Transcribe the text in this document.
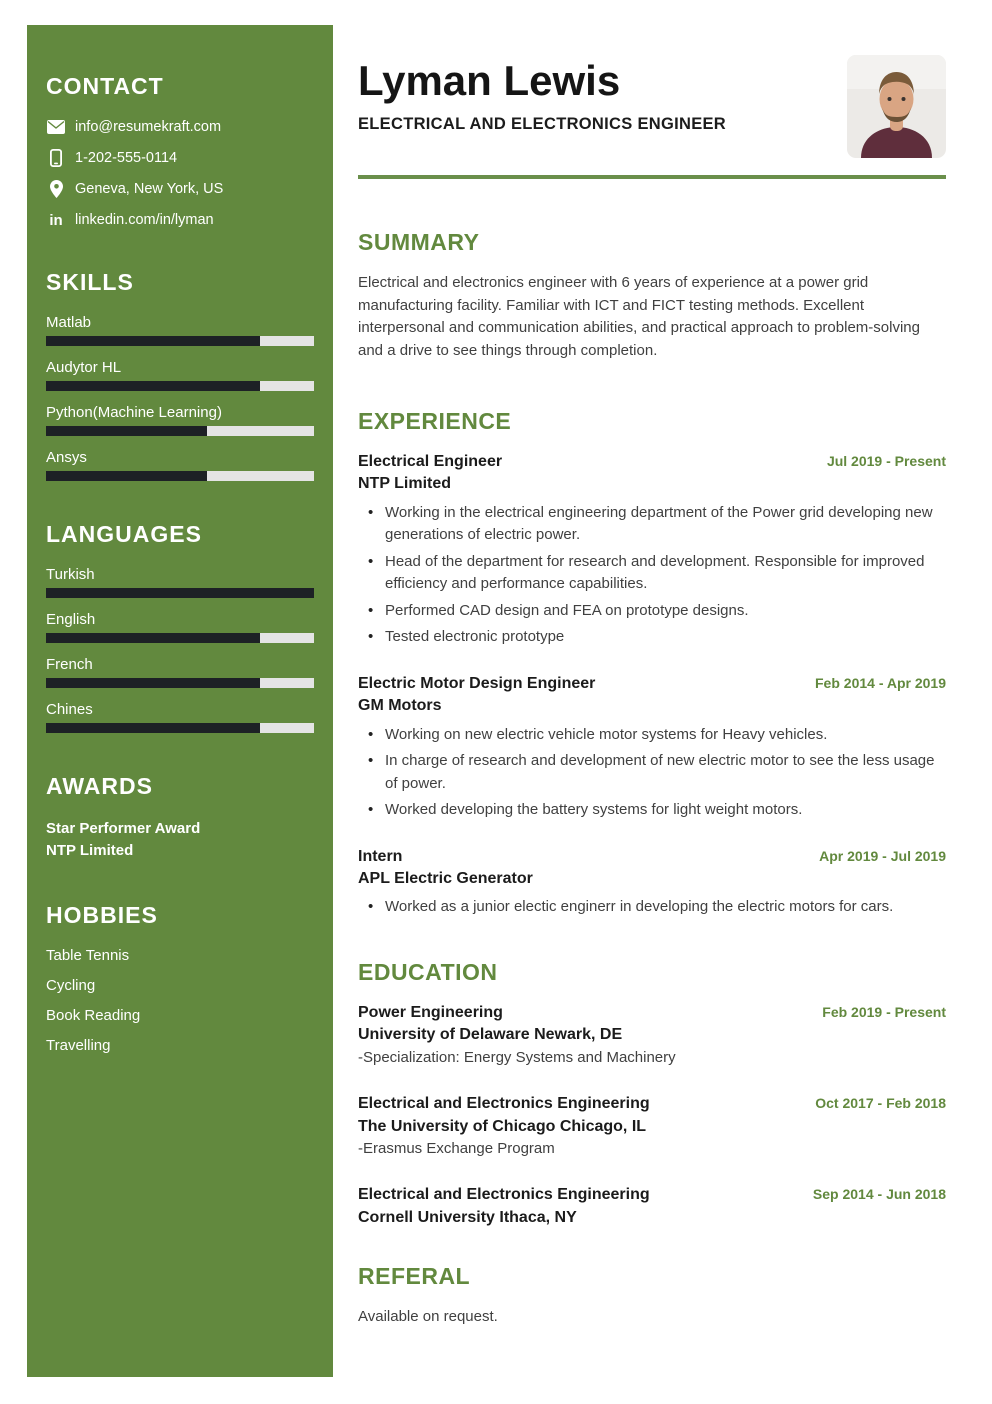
CONTACT
info@resumekraft.com
1-202-555-0114
Geneva, New York, US
in linkedin.com/in/lyman
SKILLS
Matlab
Audytor HL
Python(Machine Learning)
Ansys
LANGUAGES
Turkish
English
French
Chines
AWARDS
Star Performer Award
NTP Limited
HOBBIES
Table Tennis
Cycling
Book Reading
Travelling
Lyman Lewis
ELECTRICAL AND ELECTRONICS ENGINEER
SUMMARY

Electrical and electronics engineer with 6 years of experience at a power grid manufacturing facility. Familiar with ICT and FICT testing methods. Excellent interpersonal and communication abilities, and practical approach to problem-solving and a drive to see things through completion.

EXPERIENCE
Electrical Engineer	Jul 2019 - Present
NTP Limited
• Working in the electrical engineering department of the Power grid developing new generations of electric power.
• Head of the department for research and development. Responsible for improved efficiency and performance capabilities.
• Performed CAD design and FEA on prototype designs.
• Tested electronic prototype
Electric Motor Design Engineer	Feb 2014 - Apr 2019
GM Motors
• Working on new electric vehicle motor systems for Heavy vehicles.
• In charge of research and development of new electric motor to see the less usage of power.
• Worked developing the battery systems for light weight motors.
Intern	Apr 2019 - Jul 2019
APL Electric Generator
• Worked as a junior electic enginerr in developing the electric motors for cars.
EDUCATION
Power Engineering	Feb 2019 - Present
University of Delaware Newark, DE
-Specialization: Energy Systems and Machinery
Electrical and Electronics Engineering	Oct 2017 - Feb 2018
The University of Chicago Chicago, IL
-Erasmus Exchange Program
Electrical and Electronics Engineering	Sep 2014 - Jun 2018
Cornell University Ithaca, NY
REFERAL

Available on request.
